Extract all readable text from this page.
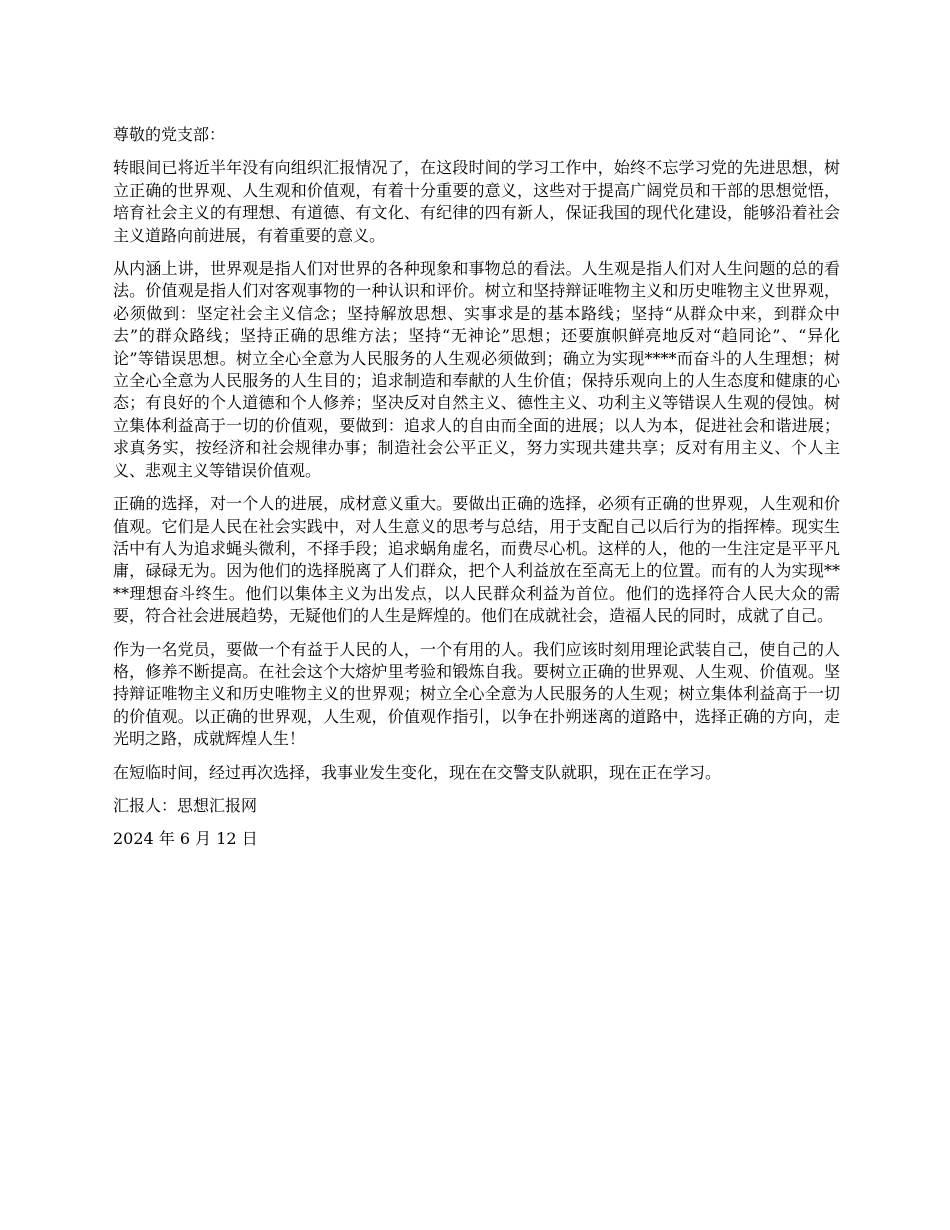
尊敬的党支部：

转眼间已将近半年没有向组织汇报情况了，在这段时间的学习工作中，始终不忘学习党的先进思想，树立正确的世界观、人生观和价值观，有着十分重要的意义，这些对于提高广阔党员和干部的思想觉悟，培育社会主义的有理想、有道德、有文化、有纪律的四有新人，保证我国的现代化建设，能够沿着社会主义道路向前进展，有着重要的意义。

从内涵上讲，世界观是指人们对世界的各种现象和事物总的看法。人生观是指人们对人生问题的总的看法。价值观是指人们对客观事物的一种认识和评价。树立和坚持辩证唯物主义和历史唯物主义世界观，必须做到：坚定社会主义信念；坚持解放思想、实事求是的基本路线；坚持“从群众中来，到群众中去”的群众路线；坚持正确的思维方法；坚持“无神论”思想；还要旗帜鲜亮地反对“趋同论”、“异化论”等错误思想。树立全心全意为人民服务的人生观必须做到；确立为实现****而奋斗的人生理想；树立全心全意为人民服务的人生目的；追求制造和奉献的人生价值；保持乐观向上的人生态度和健康的心态；有良好的个人道德和个人修养；坚决反对自然主义、德性主义、功利主义等错误人生观的侵蚀。树立集体利益高于一切的价值观，要做到：追求人的自由而全面的进展；以人为本，促进社会和谐进展；求真务实，按经济和社会规律办事；制造社会公平正义，努力实现共建共享；反对有用主义、个人主义、悲观主义等错误价值观。

正确的选择，对一个人的进展，成材意义重大。要做出正确的选择，必须有正确的世界观，人生观和价值观。它们是人民在社会实践中，对人生意义的思考与总结，用于支配自己以后行为的指挥棒。现实生活中有人为追求蝇头微利，不择手段；追求蜗角虚名，而费尽心机。这样的人，他的一生注定是平平凡庸，碌碌无为。因为他们的选择脱离了人们群众，把个人利益放在至高无上的位置。而有的人为实现****理想奋斗终生。他们以集体主义为出发点，以人民群众利益为首位。他们的选择符合人民大众的需要，符合社会进展趋势，无疑他们的人生是辉煌的。他们在成就社会，造福人民的同时，成就了自己。

作为一名党员，要做一个有益于人民的人，一个有用的人。我们应该时刻用理论武装自己，使自己的人格，修养不断提高。在社会这个大熔炉里考验和锻炼自我。要树立正确的世界观、人生观、价值观。坚持辩证唯物主义和历史唯物主义的世界观；树立全心全意为人民服务的人生观；树立集体利益高于一切的价值观。以正确的世界观，人生观，价值观作指引，以争在扑朔迷离的道路中，选择正确的方向，走光明之路，成就辉煌人生！

在短临时间，经过再次选择，我事业发生变化，现在在交警支队就职，现在正在学习。

汇报人：思想汇报网

2024 年 6 月 12 日
